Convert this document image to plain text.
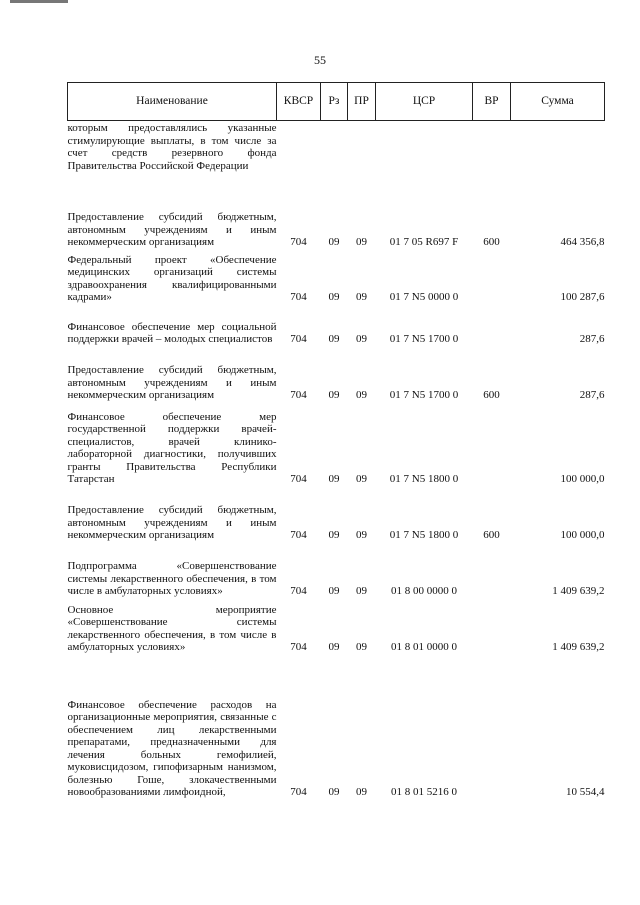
55
Наименование	КВСР	Рз	ПР	ЦСР	ВР	Сумма
которым предоставлялись указанные стимулирующие выплаты, в том числе за счет средств резервного фонда Правительства Российской Федерации						
Предоставление субсидий бюджетным, автономным учреждениям и иным некоммерческим организациям	704	09	09	01 7 05 R697 F	600	464 356,8
Федеральный проект «Обеспечение медицинских организаций системы здравоохранения квалифицированными кадрами»	704	09	09	01 7 N5 0000 0		100 287,6
Финансовое обеспечение мер социальной поддержки врачей – молодых специалистов	704	09	09	01 7 N5 1700 0		287,6
Предоставление субсидий бюджетным, автономным учреждениям и иным некоммерческим организациям	704	09	09	01 7 N5 1700 0	600	287,6
Финансовое обеспечение мер государственной поддержки врачей-специалистов, врачей клинико-лабораторной диагностики, получивших гранты Правительства Республики Татарстан	704	09	09	01 7 N5 1800 0		100 000,0
Предоставление субсидий бюджетным, автономным учреждениям и иным некоммерческим организациям	704	09	09	01 7 N5 1800 0	600	100 000,0
Подпрограмма «Совершенствование системы лекарственного обеспечения, в том числе в амбулаторных условиях»	704	09	09	01 8 00 0000 0		1 409 639,2
Основное мероприятие «Совершенствование системы лекарственного обеспечения, в том числе в амбулаторных условиях»	704	09	09	01 8 01 0000 0		1 409 639,2
Финансовое обеспечение расходов на организационные мероприятия, связанные с обеспечением лиц лекарственными препаратами, предназначенными для лечения больных гемофилией, муковисцидозом, гипофизарным нанизмом, болезнью Гоше, злокачественными новообразованиями лимфоидной,	704	09	09	01 8 01 5216 0		10 554,4
